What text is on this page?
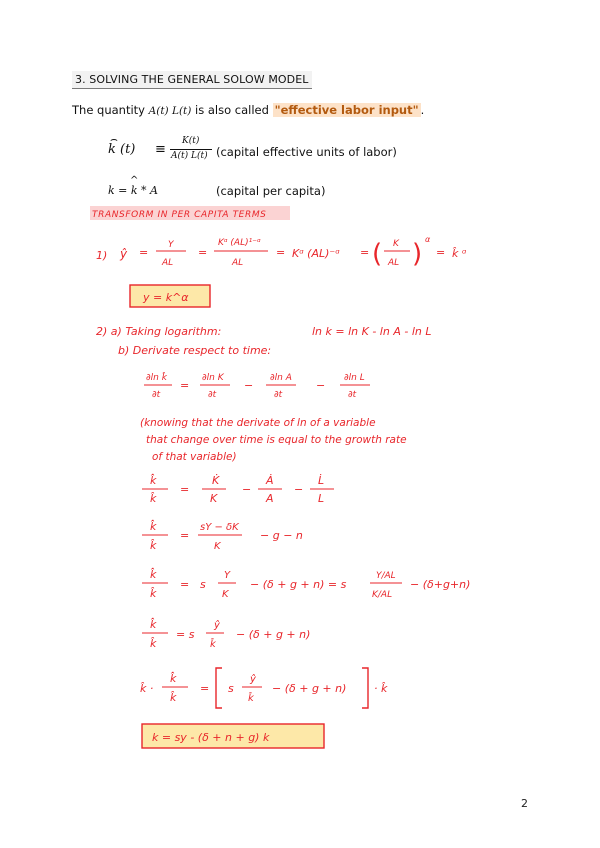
3. SOLVING THE GENERAL SOLOW MODEL
The quantity A(t) L(t) is also called "effective labor input" .
⌢
k (t) ≡
K(t)
A(t) L(t) (capital effective units of labor)
k = k * A
^
(capital per capita)
TRANSFORM IN PER CAPITA TERMS
1) ŷ =
Y
AL
=
Kᵅ (AL)¹⁻ᵅ
AL
= Kᵅ (AL)⁻ᵅ = ( K
AL ) α
= k̂ ᵅ
y = k^α
2) a) Taking logarithm:	ln k = ln K - ln A - ln L
b) Derivate respect to time:
∂ln k̂
∂t
=
∂ln K
∂t
−
∂ln A
∂t
−
∂ln L
∂t
(knowing that the derivate of ln of a variable
that change over time is equal to the growth rate
of that variable)
k̂̇
k̂
=
K̇
K
−
Ȧ
A
−
L̇
L
k̂̇
k̂
=
sY − δK
K
− g − n
k̂̇
k̂
= s
Y
K
− (δ + g + n) = s
Y/AL
K/AL
− (δ+g+n)
k̂̇
k̂
= s
ŷ
k̂
− (δ + g + n)
k̂ ·
k̂̇
k̂
= s
ŷ
k̂
− (δ + g + n)	· k̂
k = sy - (δ + n + g) k
2
